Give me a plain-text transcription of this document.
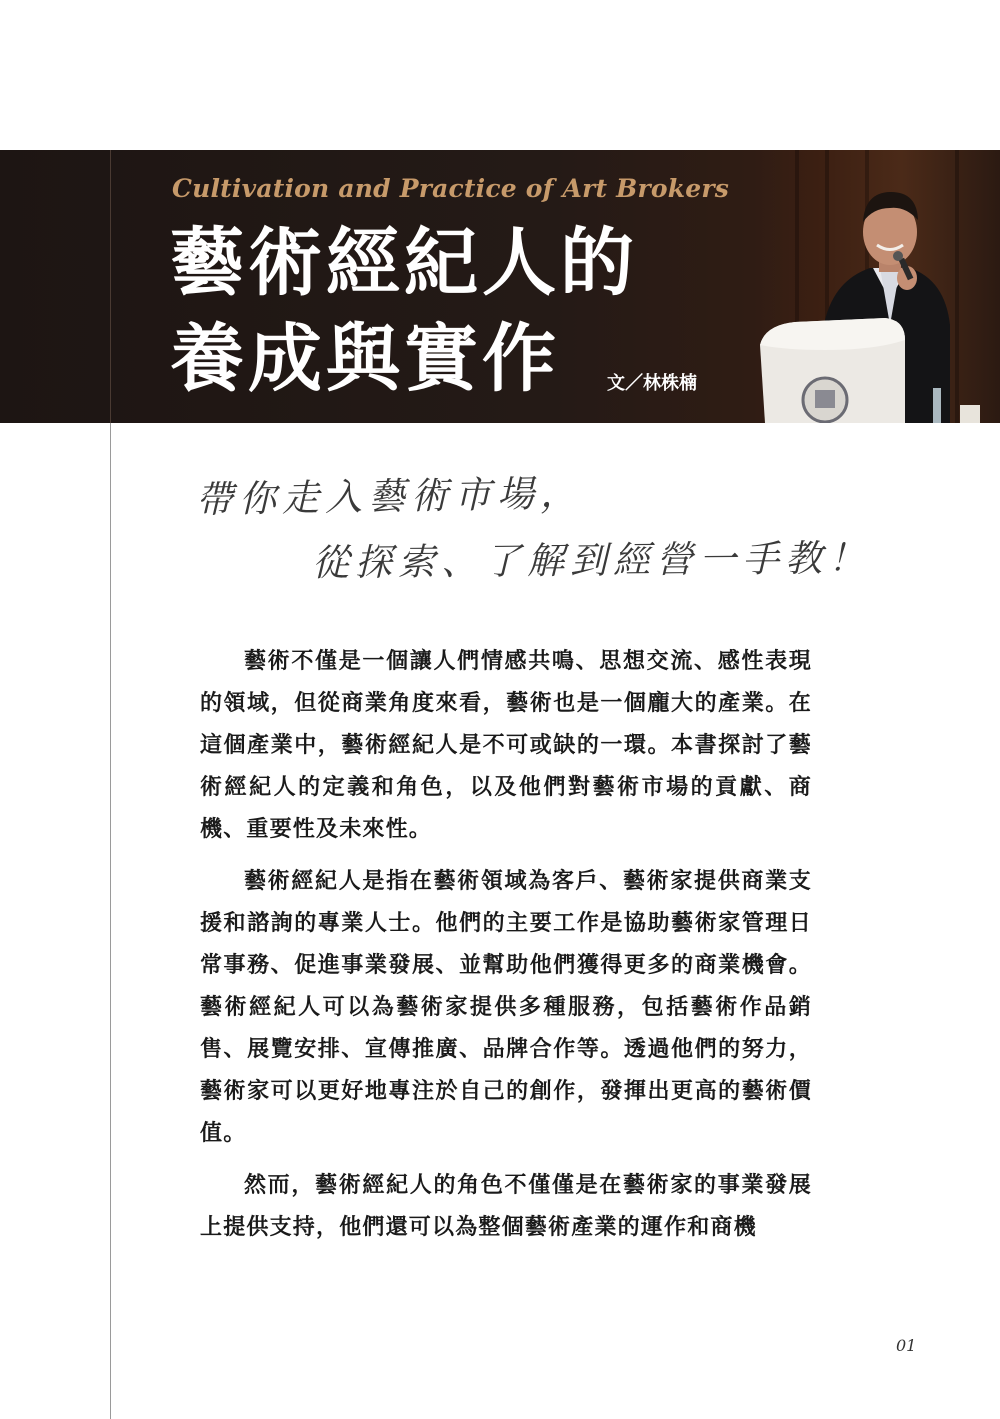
Cultivation and Practice of Art Brokers
藝術經紀人的
養成與實作	文／林株楠
帶你走入藝術市場，
從探索、了解到經營一手教！

藝術不僅是一個讓人們情感共鳴、思想交流、感性表現的領域，但從商業角度來看，藝術也是一個龐大的產業。在這個產業中，藝術經紀人是不可或缺的一環。本書探討了藝術經紀人的定義和角色，以及他們對藝術市場的貢獻、商機、重要性及未來性。

藝術經紀人是指在藝術領域為客戶、藝術家提供商業支援和諮詢的專業人士。他們的主要工作是協助藝術家管理日常事務、促進事業發展、並幫助他們獲得更多的商業機會。藝術經紀人可以為藝術家提供多種服務，包括藝術作品銷售、展覽安排、宣傳推廣、品牌合作等。透過他們的努力，藝術家可以更好地專注於自己的創作，發揮出更高的藝術價值。

然而，藝術經紀人的角色不僅僅是在藝術家的事業發展上提供支持，他們還可以為整個藝術產業的運作和商機

01
